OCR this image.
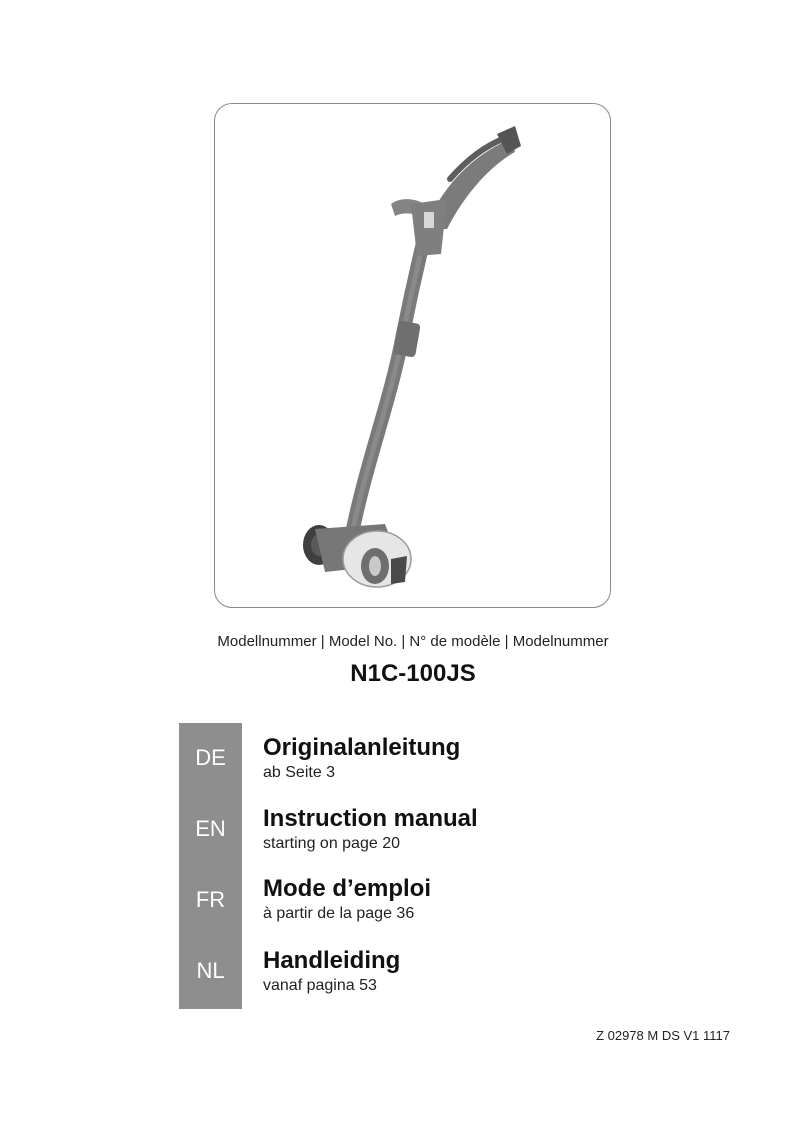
Modellnummer | Model No. | N° de modèle | Modelnummer
N1C-100JS
DE
EN
FR
NL
Originalanleitung
ab Seite 3
Instruction manual
starting on page 20
Mode d’emploi
à partir de la page 36
Handleiding
vanaf pagina 53
Z 02978 M DS V1 1117
